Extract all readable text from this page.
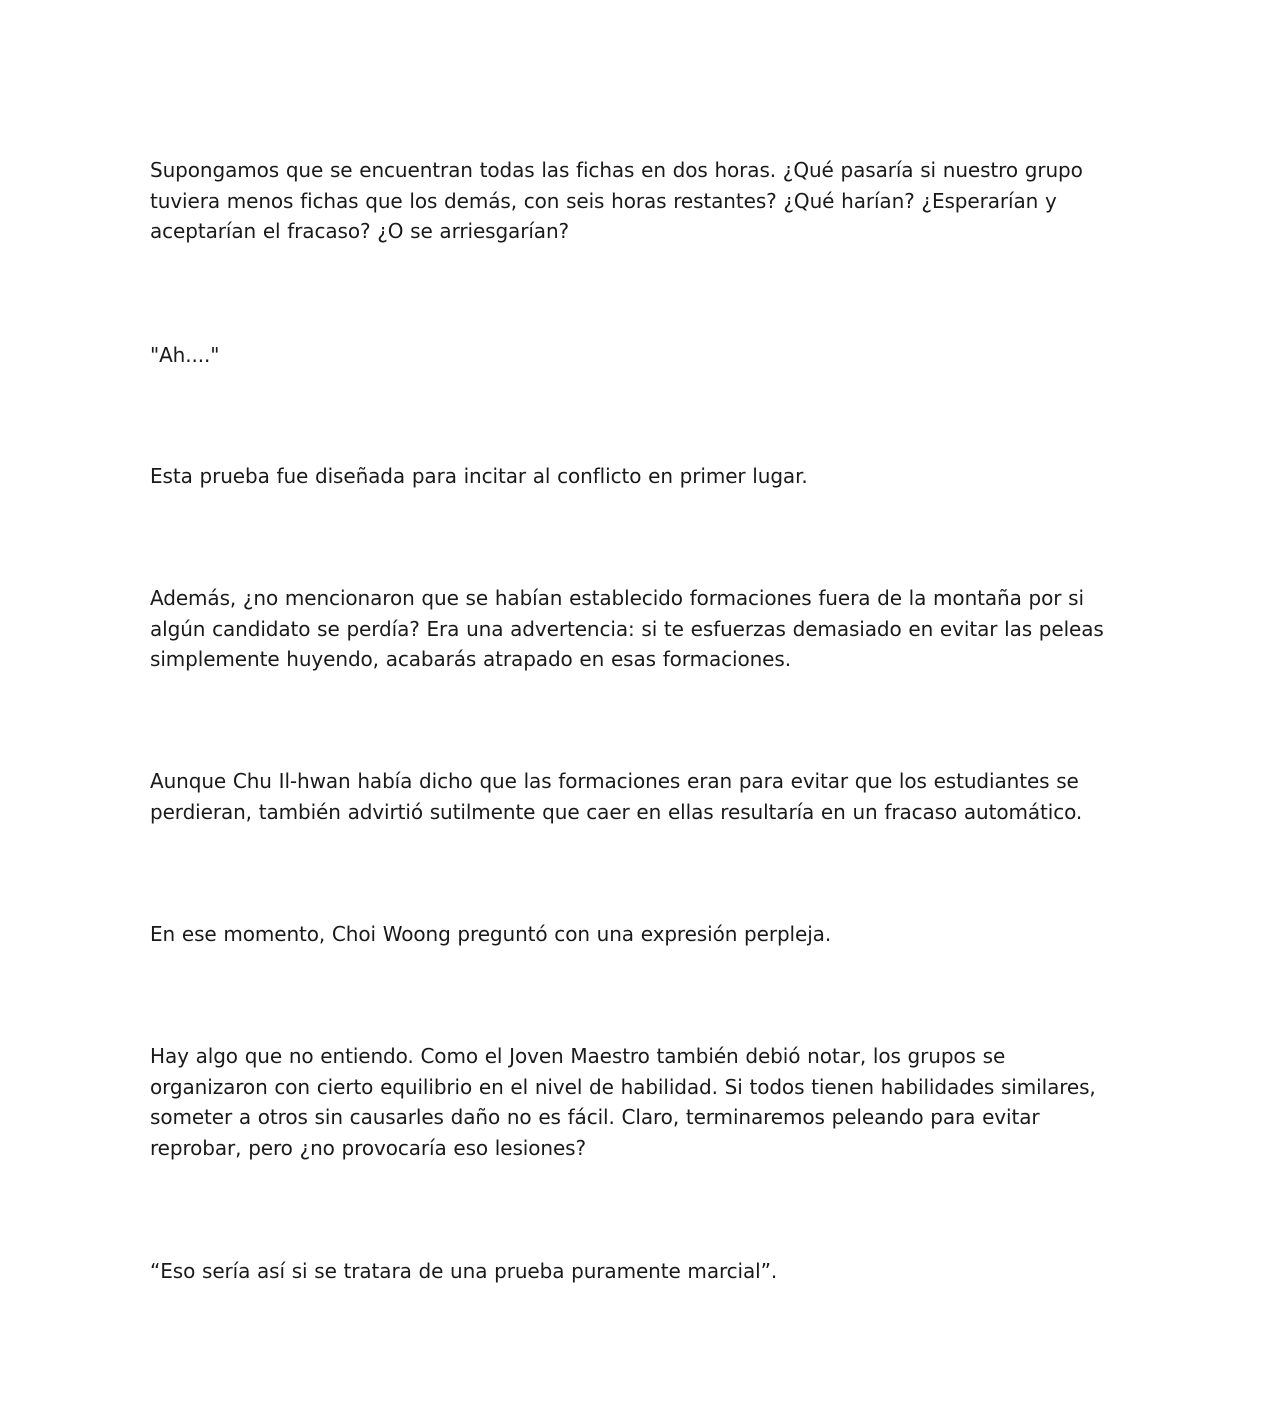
Supongamos que se encuentran todas las fichas en dos horas. ¿Qué pasaría si nuestro grupo
tuviera menos fichas que los demás, con seis horas restantes? ¿Qué harían? ¿Esperarían y
aceptarían el fracaso? ¿O se arriesgarían?

"Ah...."

Esta prueba fue diseñada para incitar al conflicto en primer lugar.

Además, ¿no mencionaron que se habían establecido formaciones fuera de la montaña por si
algún candidato se perdía? Era una advertencia: si te esfuerzas demasiado en evitar las peleas
simplemente huyendo, acabarás atrapado en esas formaciones.

Aunque Chu Il-hwan había dicho que las formaciones eran para evitar que los estudiantes se
perdieran, también advirtió sutilmente que caer en ellas resultaría en un fracaso automático.

En ese momento, Choi Woong preguntó con una expresión perpleja.

Hay algo que no entiendo. Como el Joven Maestro también debió notar, los grupos se
organizaron con cierto equilibrio en el nivel de habilidad. Si todos tienen habilidades similares,
someter a otros sin causarles daño no es fácil. Claro, terminaremos peleando para evitar
reprobar, pero ¿no provocaría eso lesiones?

“Eso sería así si se tratara de una prueba puramente marcial”.
